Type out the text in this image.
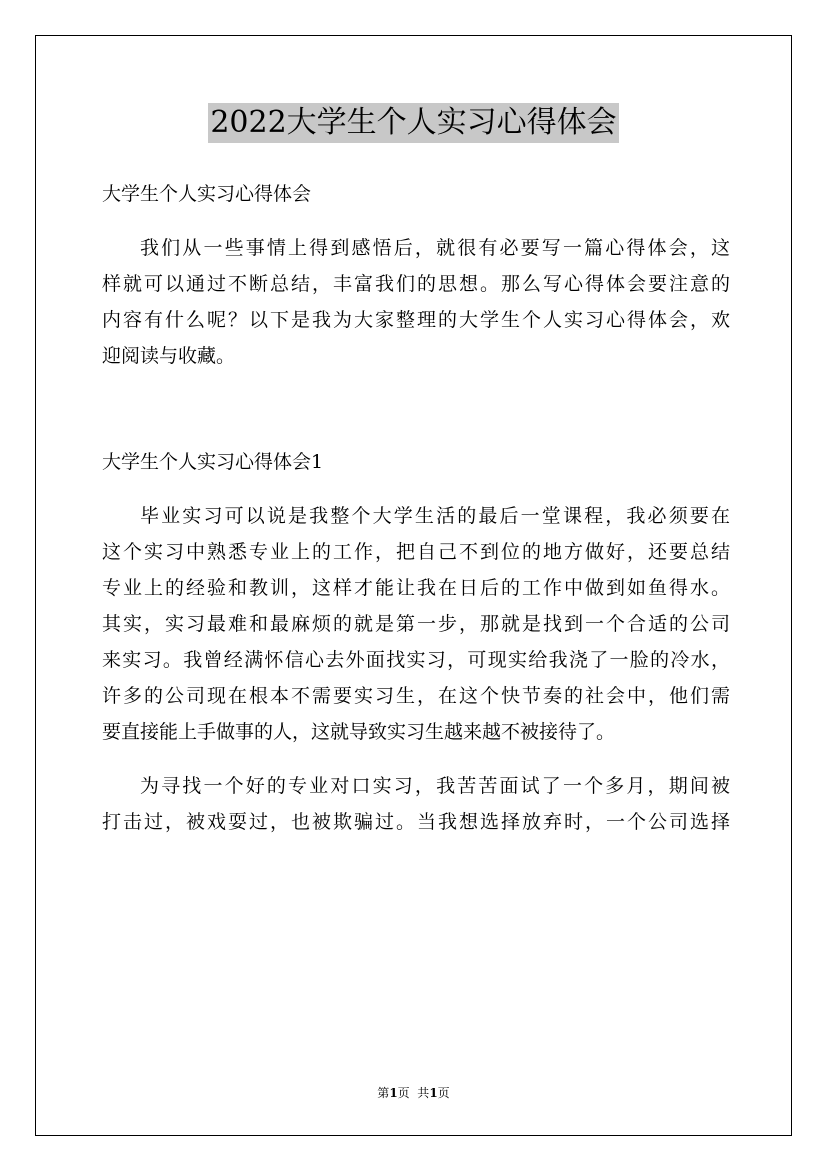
2022大学生个人实习心得体会

大学生个人实习心得体会

我们从一些事情上得到感悟后，就很有必要写一篇心得体会，这
样就可以通过不断总结，丰富我们的思想。那么写心得体会要注意的
内容有什么呢？以下是我为大家整理的大学生个人实习心得体会，欢
迎阅读与收藏。

大学生个人实习心得体会1

毕业实习可以说是我整个大学生活的最后一堂课程，我必须要在
这个实习中熟悉专业上的工作，把自己不到位的地方做好，还要总结
专业上的经验和教训，这样才能让我在日后的工作中做到如鱼得水。
其实，实习最难和最麻烦的就是第一步，那就是找到一个合适的公司
来实习。我曾经满怀信心去外面找实习，可现实给我浇了一脸的冷水，
许多的公司现在根本不需要实习生，在这个快节奏的社会中，他们需
要直接能上手做事的人，这就导致实习生越来越不被接待了。
为寻找一个好的专业对口实习，我苦苦面试了一个多月，期间被
打击过，被戏耍过，也被欺骗过。当我想选择放弃时，一个公司选择
第1页  共1页
